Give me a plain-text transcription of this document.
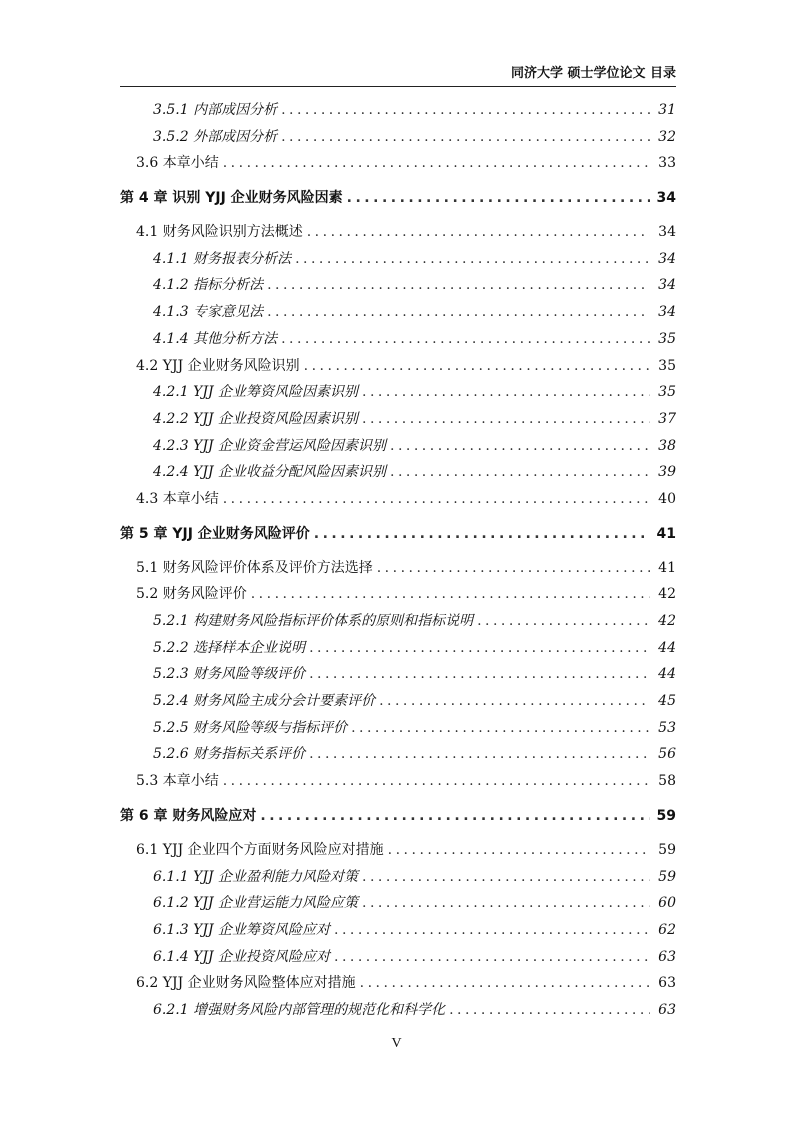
同济大学 硕士学位论文 目录
3.5.1 内部成因分析 .....	31
3.5.2 外部成因分析 .....	32
3.6 本章小结 .....	33
第 4 章 识别 YJJ 企业财务风险因素 .....	34
4.1 财务风险识别方法概述 .....	34
4.1.1 财务报表分析法 .....	34
4.1.2 指标分析法 .....	34
4.1.3 专家意见法 .....	34
4.1.4 其他分析方法 .....	35
4.2 YJJ 企业财务风险识别 .....	35
4.2.1 YJJ 企业筹资风险因素识别 .....	35
4.2.2 YJJ 企业投资风险因素识别 .....	37
4.2.3 YJJ 企业资金营运风险因素识别 .....	38
4.2.4 YJJ 企业收益分配风险因素识别 .....	39
4.3 本章小结 .....	40
第 5 章 YJJ 企业财务风险评价 .....	41
5.1 财务风险评价体系及评价方法选择 .....	41
5.2 财务风险评价 .....	42
5.2.1 构建财务风险指标评价体系的原则和指标说明 .....	42
5.2.2 选择样本企业说明 .....	44
5.2.3 财务风险等级评价 .....	44
5.2.4 财务风险主成分会计要素评价 .....	45
5.2.5 财务风险等级与指标评价 .....	53
5.2.6 财务指标关系评价 .....	56
5.3 本章小结 .....	58
第 6 章 财务风险应对 .....	59
6.1 YJJ 企业四个方面财务风险应对措施 .....	59
6.1.1 YJJ 企业盈利能力风险对策 .....	59
6.1.2 YJJ 企业营运能力风险应策 .....	60
6.1.3 YJJ 企业筹资风险应对 .....	62
6.1.4 YJJ 企业投资风险应对 .....	63
6.2 YJJ 企业财务风险整体应对措施 .....	63
6.2.1 增强财务风险内部管理的规范化和科学化 .....	63
V
